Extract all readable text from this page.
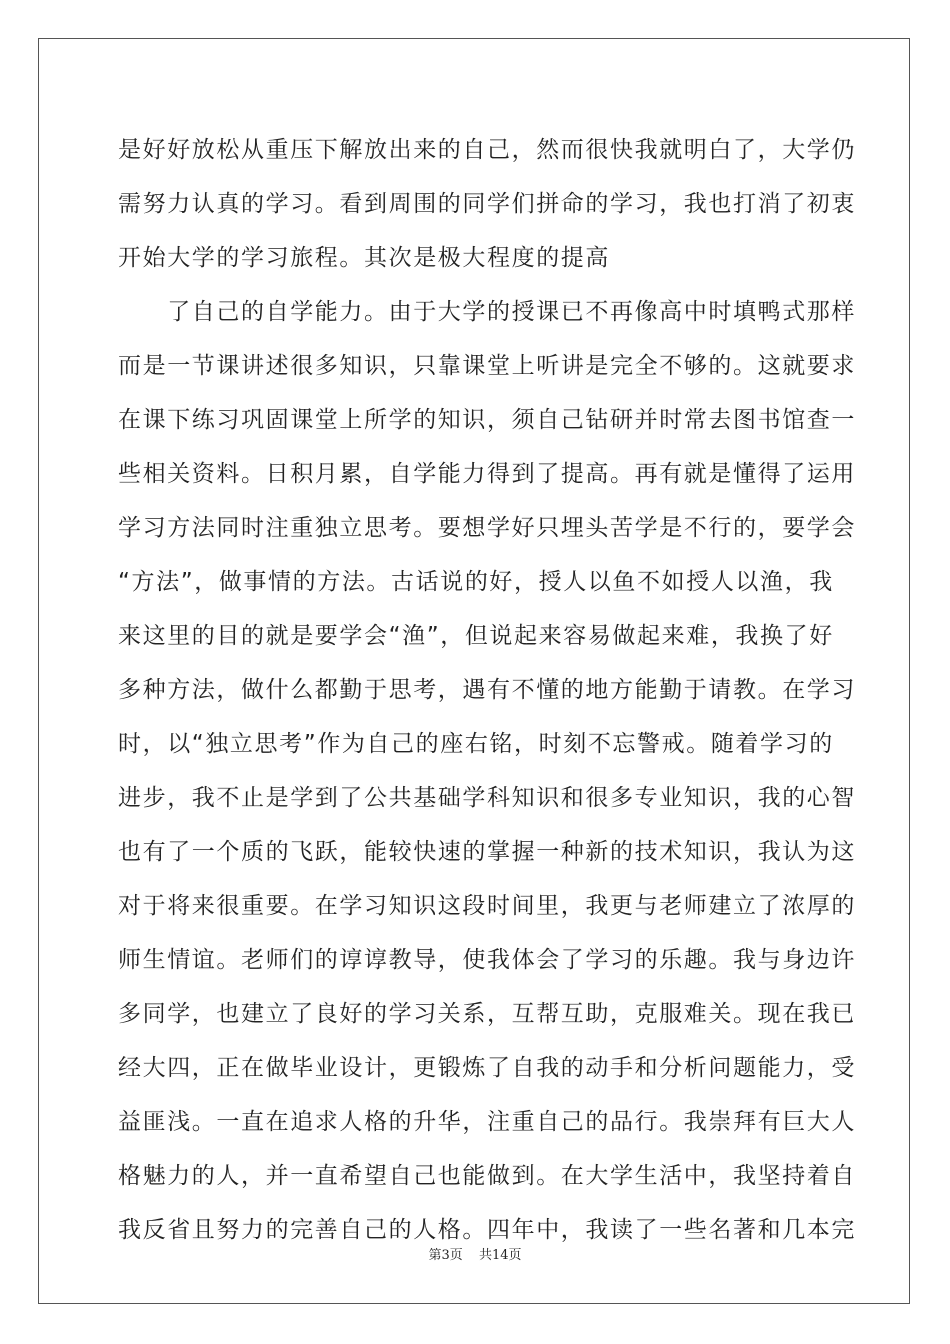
是好好放松从重压下解放出来的自己，然而很快我就明白了，大学仍
需努力认真的学习。看到周围的同学们拼命的学习，我也打消了初衷
开始大学的学习旅程。其次是极大程度的提高
　　了自己的自学能力。由于大学的授课已不再像高中时填鸭式那样
而是一节课讲述很多知识，只靠课堂上听讲是完全不够的。这就要求
在课下练习巩固课堂上所学的知识，须自己钻研并时常去图书馆查一
些相关资料。日积月累，自学能力得到了提高。再有就是懂得了运用
学习方法同时注重独立思考。要想学好只埋头苦学是不行的，要学会
“方法”，做事情的方法。古话说的好，授人以鱼不如授人以渔，我
来这里的目的就是要学会“渔”，但说起来容易做起来难，我换了好
多种方法，做什么都勤于思考，遇有不懂的地方能勤于请教。在学习
时，以“独立思考”作为自己的座右铭，时刻不忘警戒。随着学习的
进步，我不止是学到了公共基础学科知识和很多专业知识，我的心智
也有了一个质的飞跃，能较快速的掌握一种新的技术知识，我认为这
对于将来很重要。在学习知识这段时间里，我更与老师建立了浓厚的
师生情谊。老师们的谆谆教导，使我体会了学习的乐趣。我与身边许
多同学，也建立了良好的学习关系，互帮互助，克服难关。现在我已
经大四，正在做毕业设计，更锻炼了自我的动手和分析问题能力，受
益匪浅。一直在追求人格的升华，注重自己的品行。我崇拜有巨大人
格魅力的人，并一直希望自己也能做到。在大学生活中，我坚持着自
我反省且努力的完善自己的人格。四年中，我读了一些名著和几本完
第3页 共14页
